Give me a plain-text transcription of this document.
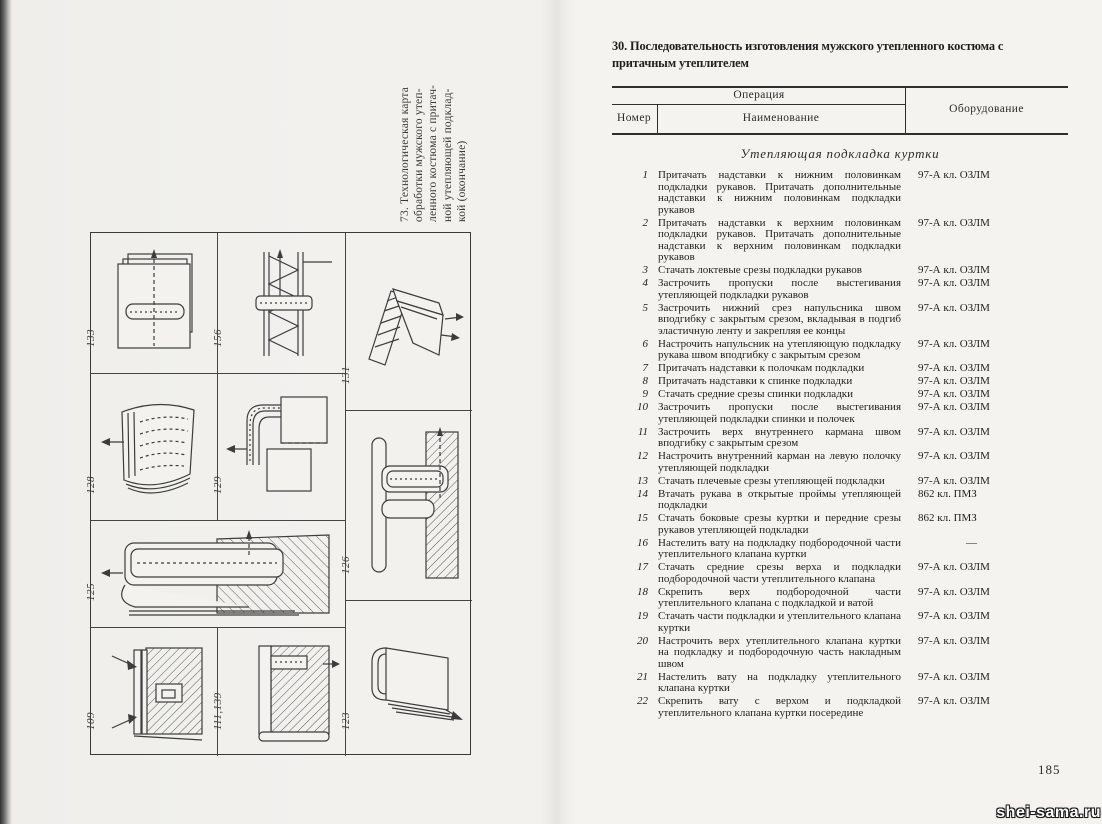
73. Технологическая карта обработки мужского утеп- ленного костюма с притач- ной утепляющей подклад- кой (окончание)
133	156
131
128	129
126
125
109	111,139	123
30. Последовательность изготовления мужского утепленного костюма с притачным утеплителем
Операция
Номер	Наименование
Оборудование
Утепляющая подкладка куртки
1 Притачать надставки к нижним половинкам подкладки рукавов. Притачать дополнительные надставки к нижним половинкам подкладки рукавов
97-А кл. ОЗЛМ
2 Притачать надставки к верхним половинкам подкладки рукавов. Притачать дополнительные надставки к верхним половинкам подкладки рукавов
97-А кл. ОЗЛМ
3 Стачать локтевые срезы подкладки рукавов	97-А кл. ОЗЛМ
4 Застрочить пропуски после выстегивания утепляющей подкладки рукавов
97-А кл. ОЗЛМ
5 Застрочить нижний срез напульсника швом вподгибку с закрытым срезом, вкладывая в подгиб эластичную ленту и закрепляя ее концы
97-А кл. ОЗЛМ
6 Настрочить напульсник на утепляющую подкладку рукава швом вподгибку с закрытым срезом
97-А кл. ОЗЛМ
7 Притачать надставки к полочкам подкладки	97-А кл. ОЗЛМ
8 Притачать надставки к спинке подкладки	97-А кл. ОЗЛМ
9 Стачать средние срезы спинки подкладки	97-А кл. ОЗЛМ
10 Застрочить пропуски после выстегивания утепляющей подкладки спинки и полочек
97-А кл. ОЗЛМ
11 Застрочить верх внутреннего кармана швом вподгибку с закрытым срезом
97-А кл. ОЗЛМ
12 Настрочить внутренний карман на левую полочку утепляющей подкладки
97-А кл. ОЗЛМ
13 Стачать плечевые срезы утепляющей подкладки	97-А кл. ОЗЛМ
14 Втачать рукава в открытые проймы утепляющей подкладки
862 кл. ПМЗ
15 Стачать боковые срезы куртки и передние срезы рукавов утепляющей подкладки
862 кл. ПМЗ
16 Настелить вату на подкладку подбородочной части утеплительного клапана куртки
—
17 Стачать средние срезы верха и подкладки подбородочной части утеплительного клапана
97-А кл. ОЗЛМ
18 Скрепить верх подбородочной части утеплительного клапана с подкладкой и ватой
97-А кл. ОЗЛМ
19 Стачать части подкладки и утеплительного клапана куртки
97-А кл. ОЗЛМ
20 Настрочить верх утеплительного клапана куртки на подкладку и подбородочную часть накладным швом
97-А кл. ОЗЛМ
21 Настелить вату на подкладку утеплительного клапана куртки
97-А кл. ОЗЛМ
22 Скрепить вату с верхом и подкладкой утеплительного клапана куртки посередине
97-А кл. ОЗЛМ
185
shei-sama.ru
